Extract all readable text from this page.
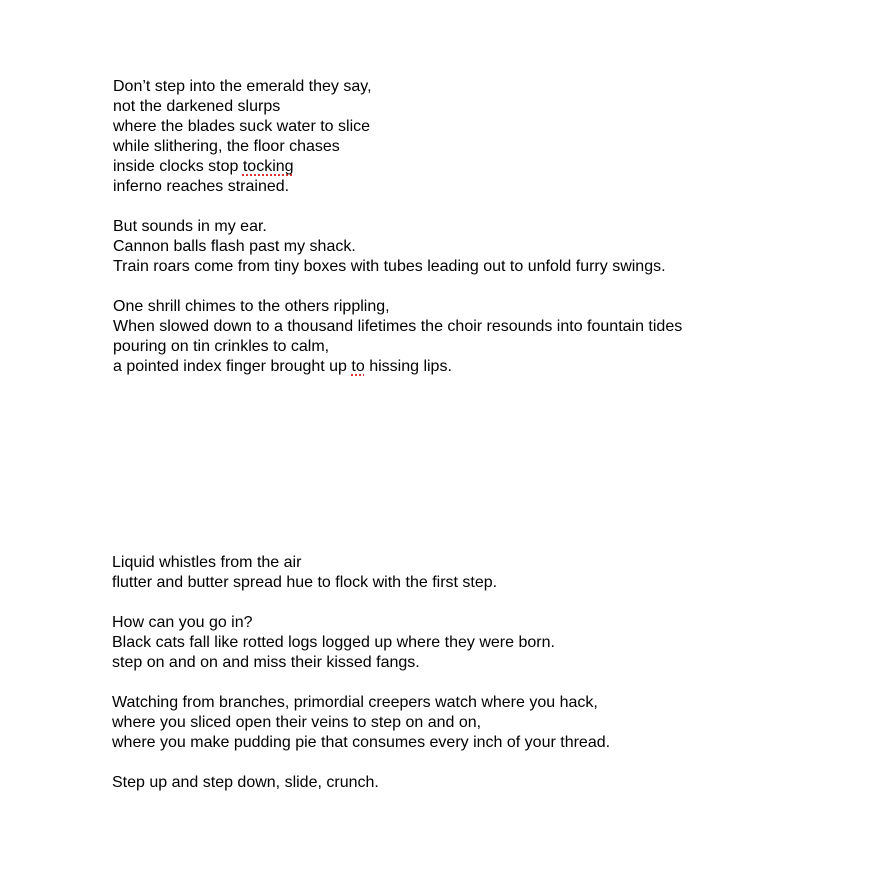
Don’t step into the emerald they say,
not the darkened slurps
where the blades suck water to slice
while slithering, the floor chases
inside clocks stop tocking
inferno reaches strained.
But sounds in my ear.
Cannon balls flash past my shack.
Train roars come from tiny boxes with tubes leading out to unfold furry swings.
One shrill chimes to the others rippling,
When slowed down to a thousand lifetimes the choir resounds into fountain tides
pouring on tin crinkles to calm,
a pointed index finger brought up to hissing lips.
Liquid whistles from the air
flutter and butter spread hue to flock with the first step.
How can you go in?
Black cats fall like rotted logs logged up where they were born.
step on and on and miss their kissed fangs.
Watching from branches, primordial creepers watch where you hack,
where you sliced open their veins to step on and on,
where you make pudding pie that consumes every inch of your thread.
Step up and step down, slide, crunch.
